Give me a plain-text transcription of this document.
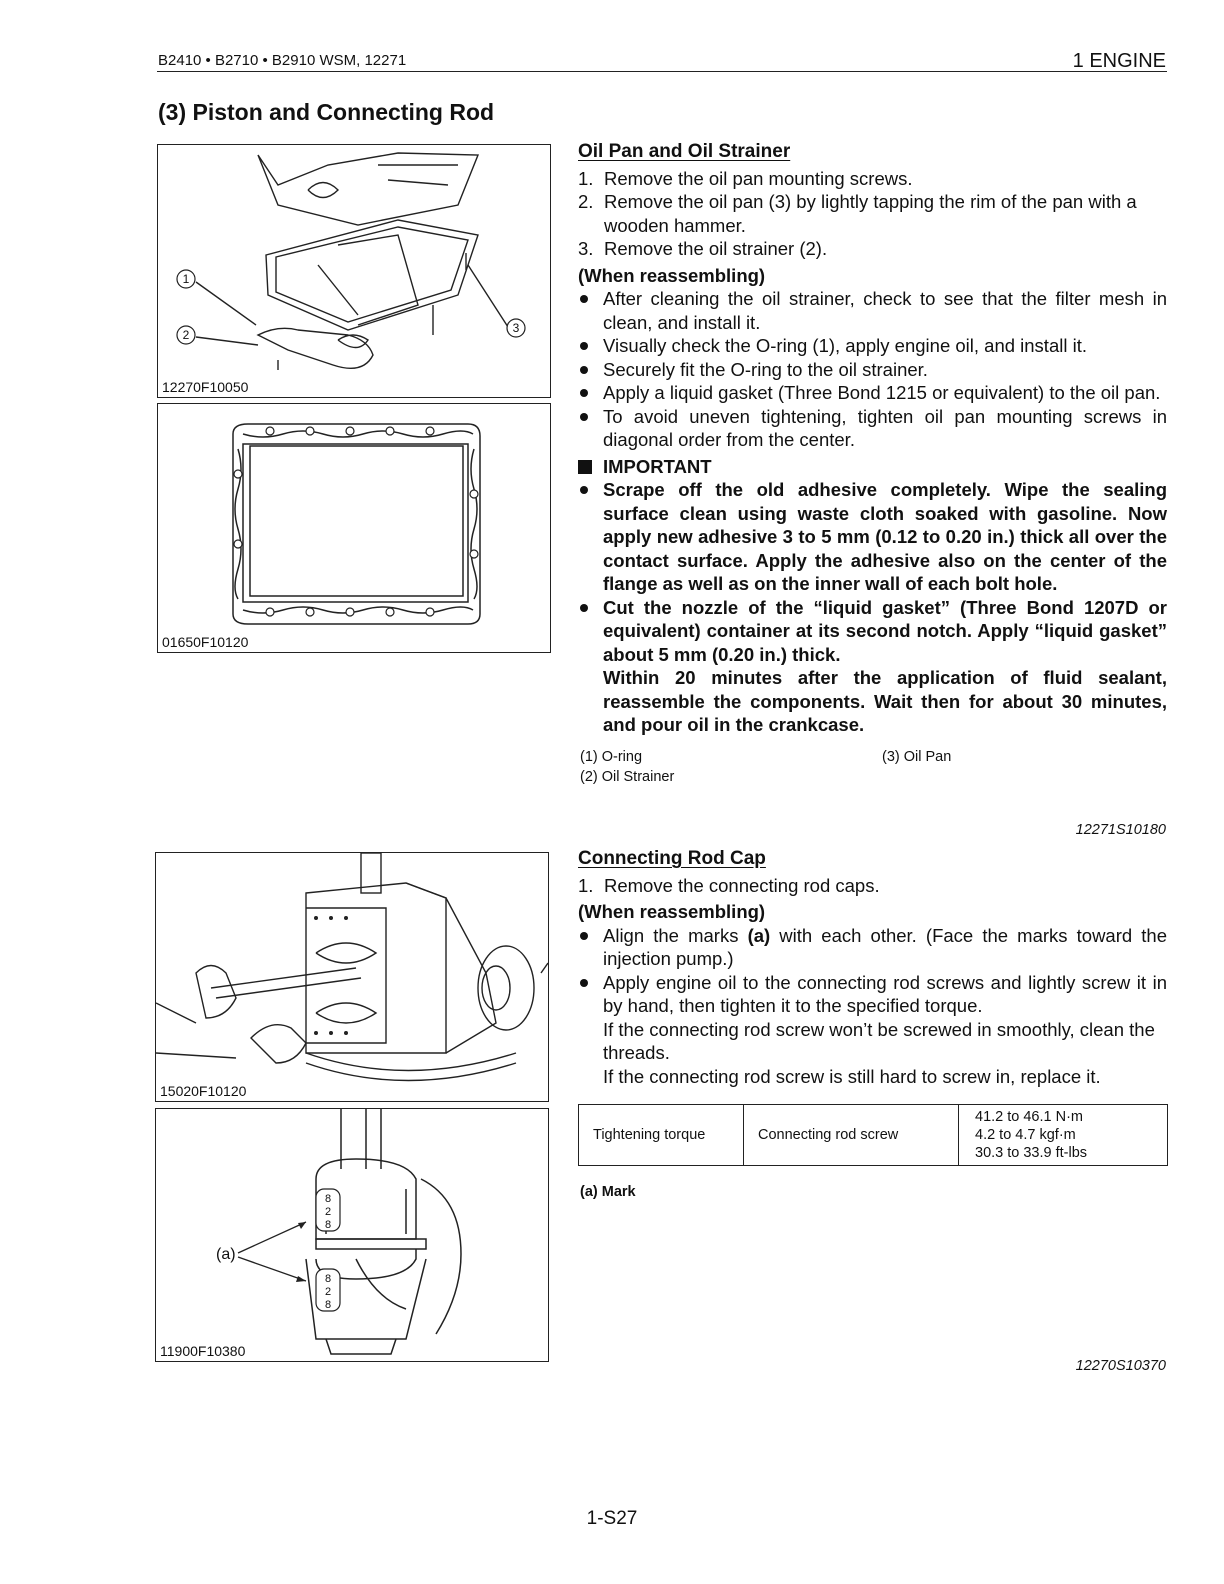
B2410 • B2710 • B2910 WSM, 12271	1 ENGINE
(3) Piston and Connecting Rod
1
2	3
12270F10050
01650F10120
15020F10120
8
2
8
8
2
8
(a)
11900F10380
Oil Pan and Oil Strainer
1. Remove the oil pan mounting screws.
2. Remove the oil pan (3) by lightly tapping the rim of the pan with a wooden hammer.
3. Remove the oil strainer (2).
(When reassembling)
After cleaning the oil strainer, check to see that the filter mesh in clean, and install it.
Visually check the O-ring (1), apply engine oil, and install it.
Securely fit the O-ring to the oil strainer.
Apply a liquid gasket (Three Bond 1215 or equivalent) to the oil pan.
To avoid uneven tightening, tighten oil pan mounting screws in diagonal order from the center.
IMPORTANT
Scrape off the old adhesive completely. Wipe the sealing surface clean using waste cloth soaked with gasoline. Now apply new adhesive 3 to 5 mm (0.12 to 0.20 in.) thick all over the contact surface. Apply the adhesive also on the center of the flange as well as on the inner wall of each bolt hole.
Cut the nozzle of the “liquid gasket” (Three Bond 1207D or equivalent) container at its second notch. Apply “liquid gasket” about 5 mm (0.20 in.) thick.
Within 20 minutes after the application of fluid sealant, reassemble the components. Wait then for about 30 minutes, and pour oil in the crankcase.
(1) O-ring
(2) Oil Strainer
(3) Oil Pan
12271S10180
Connecting Rod Cap
1. Remove the connecting rod caps.
(When reassembling)
Align the marks (a) with each other. (Face the marks toward the injection pump.)
Apply engine oil to the connecting rod screws and lightly screw it in by hand, then tighten it to the specified torque.
If the connecting rod screw won’t be screwed in smoothly, clean the threads.
If the connecting rod screw is still hard to screw in, replace it.
Tightening torque	Connecting rod screw	
41.2 to 46.1 N·m
4.2 to 4.7 kgf·m
30.3 to 33.9 ft-lbs
(a) Mark
12270S10370
1-S27
